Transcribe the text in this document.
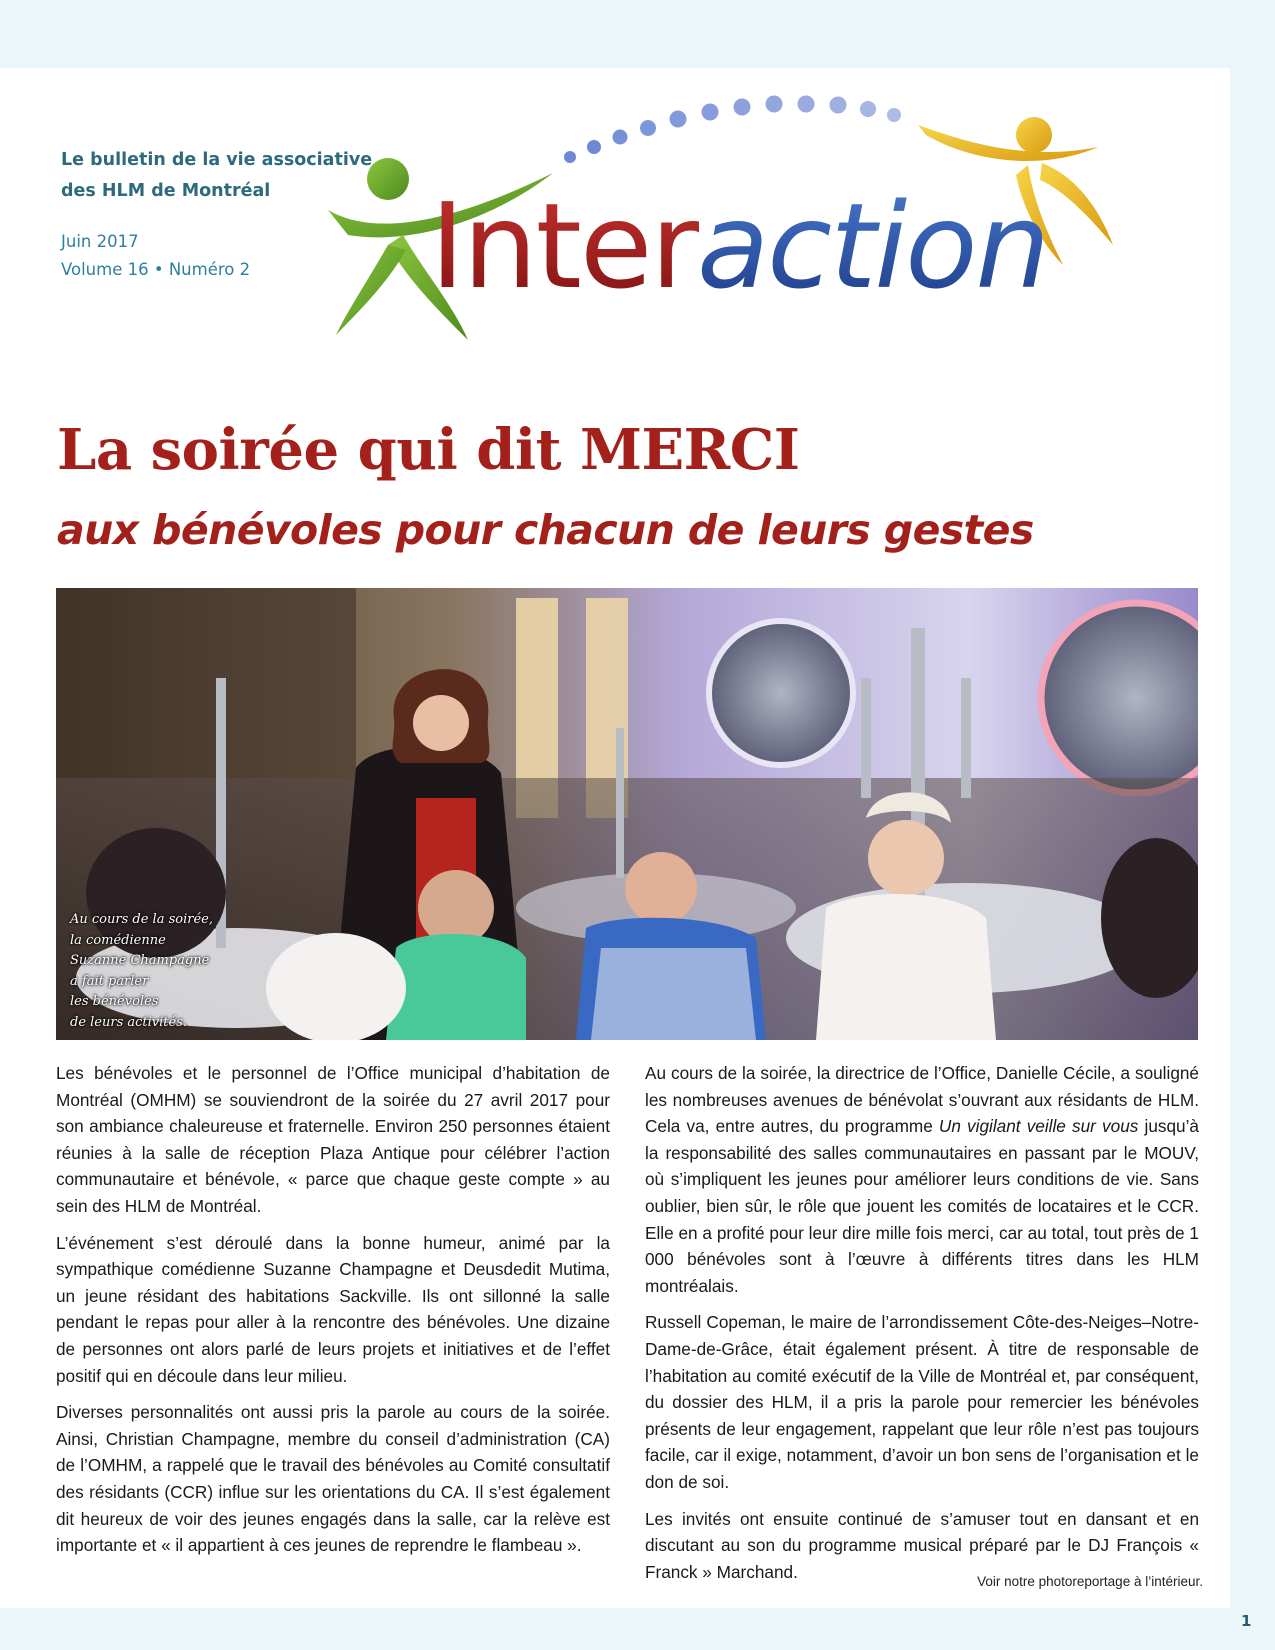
Le bulletin de la vie associative
des HLM de Montréal
Juin 2017
Volume 16 • Numéro 2 Interaction
La soirée qui dit MERCI
aux bénévoles pour chacun de leurs gestes
Au cours de la soirée,
la comédienne
Suzanne Champagne
a fait parler
les bénévoles
de leurs activités.

Les bénévoles et le personnel de l’Office municipal d’habitation de Montréal (OMHM) se souviendront de la soirée du 27 avril 2017 pour son ambiance chaleureuse et fraternelle. Environ 250 personnes étaient réunies à la salle de réception Plaza Antique pour célébrer l’action communautaire et bénévole, « parce que chaque geste compte » au sein des HLM de Montréal.

L’événement s’est déroulé dans la bonne humeur, animé par la sympathique comédienne Suzanne Champagne et Deusdedit Mutima, un jeune résidant des habitations Sackville. Ils ont sillonné la salle pendant le repas pour aller à la rencontre des bénévoles. Une dizaine de personnes ont alors parlé de leurs projets et initiatives et de l’effet positif qui en découle dans leur milieu.

Diverses personnalités ont aussi pris la parole au cours de la soirée. Ainsi, Christian Champagne, membre du conseil d’administration (CA) de l’OMHM, a rappelé que le travail des bénévoles au Comité consultatif des résidants (CCR) influe sur les orientations du CA. Il s’est également dit heureux de voir des jeunes engagés dans la salle, car la relève est importante et « il appartient à ces jeunes de reprendre le flambeau ».

Au cours de la soirée, la directrice de l’Office, Danielle Cécile, a souligné les nombreuses avenues de bénévolat s’ouvrant aux résidants de HLM. Cela va, entre autres, du programme Un vigilant veille sur vous jusqu’à la responsabilité des salles communautaires en passant par le MOUV, où s’impliquent les jeunes pour améliorer leurs conditions de vie. Sans oublier, bien sûr, le rôle que jouent les comités de locataires et le CCR. Elle en a profité pour leur dire mille fois merci, car au total, tout près de 1 000 bénévoles sont à l’œuvre à différents titres dans les HLM montréalais.

Russell Copeman, le maire de l’arrondissement Côte-des-Neiges–Notre-Dame-de-Grâce, était également présent. À titre de responsable de l’habitation au comité exécutif de la Ville de Montréal et, par conséquent, du dossier des HLM, il a pris la parole pour remercier les bénévoles présents de leur engagement, rappelant que leur rôle n’est pas toujours facile, car il exige, notamment, d’avoir un bon sens de l’organisation et le don de soi.

Les invités ont ensuite continué de s’amuser tout en dansant et en discutant au son du programme musical préparé par le DJ François « Franck » Marchand.	Voir notre photoreportage à l’intérieur.
1
